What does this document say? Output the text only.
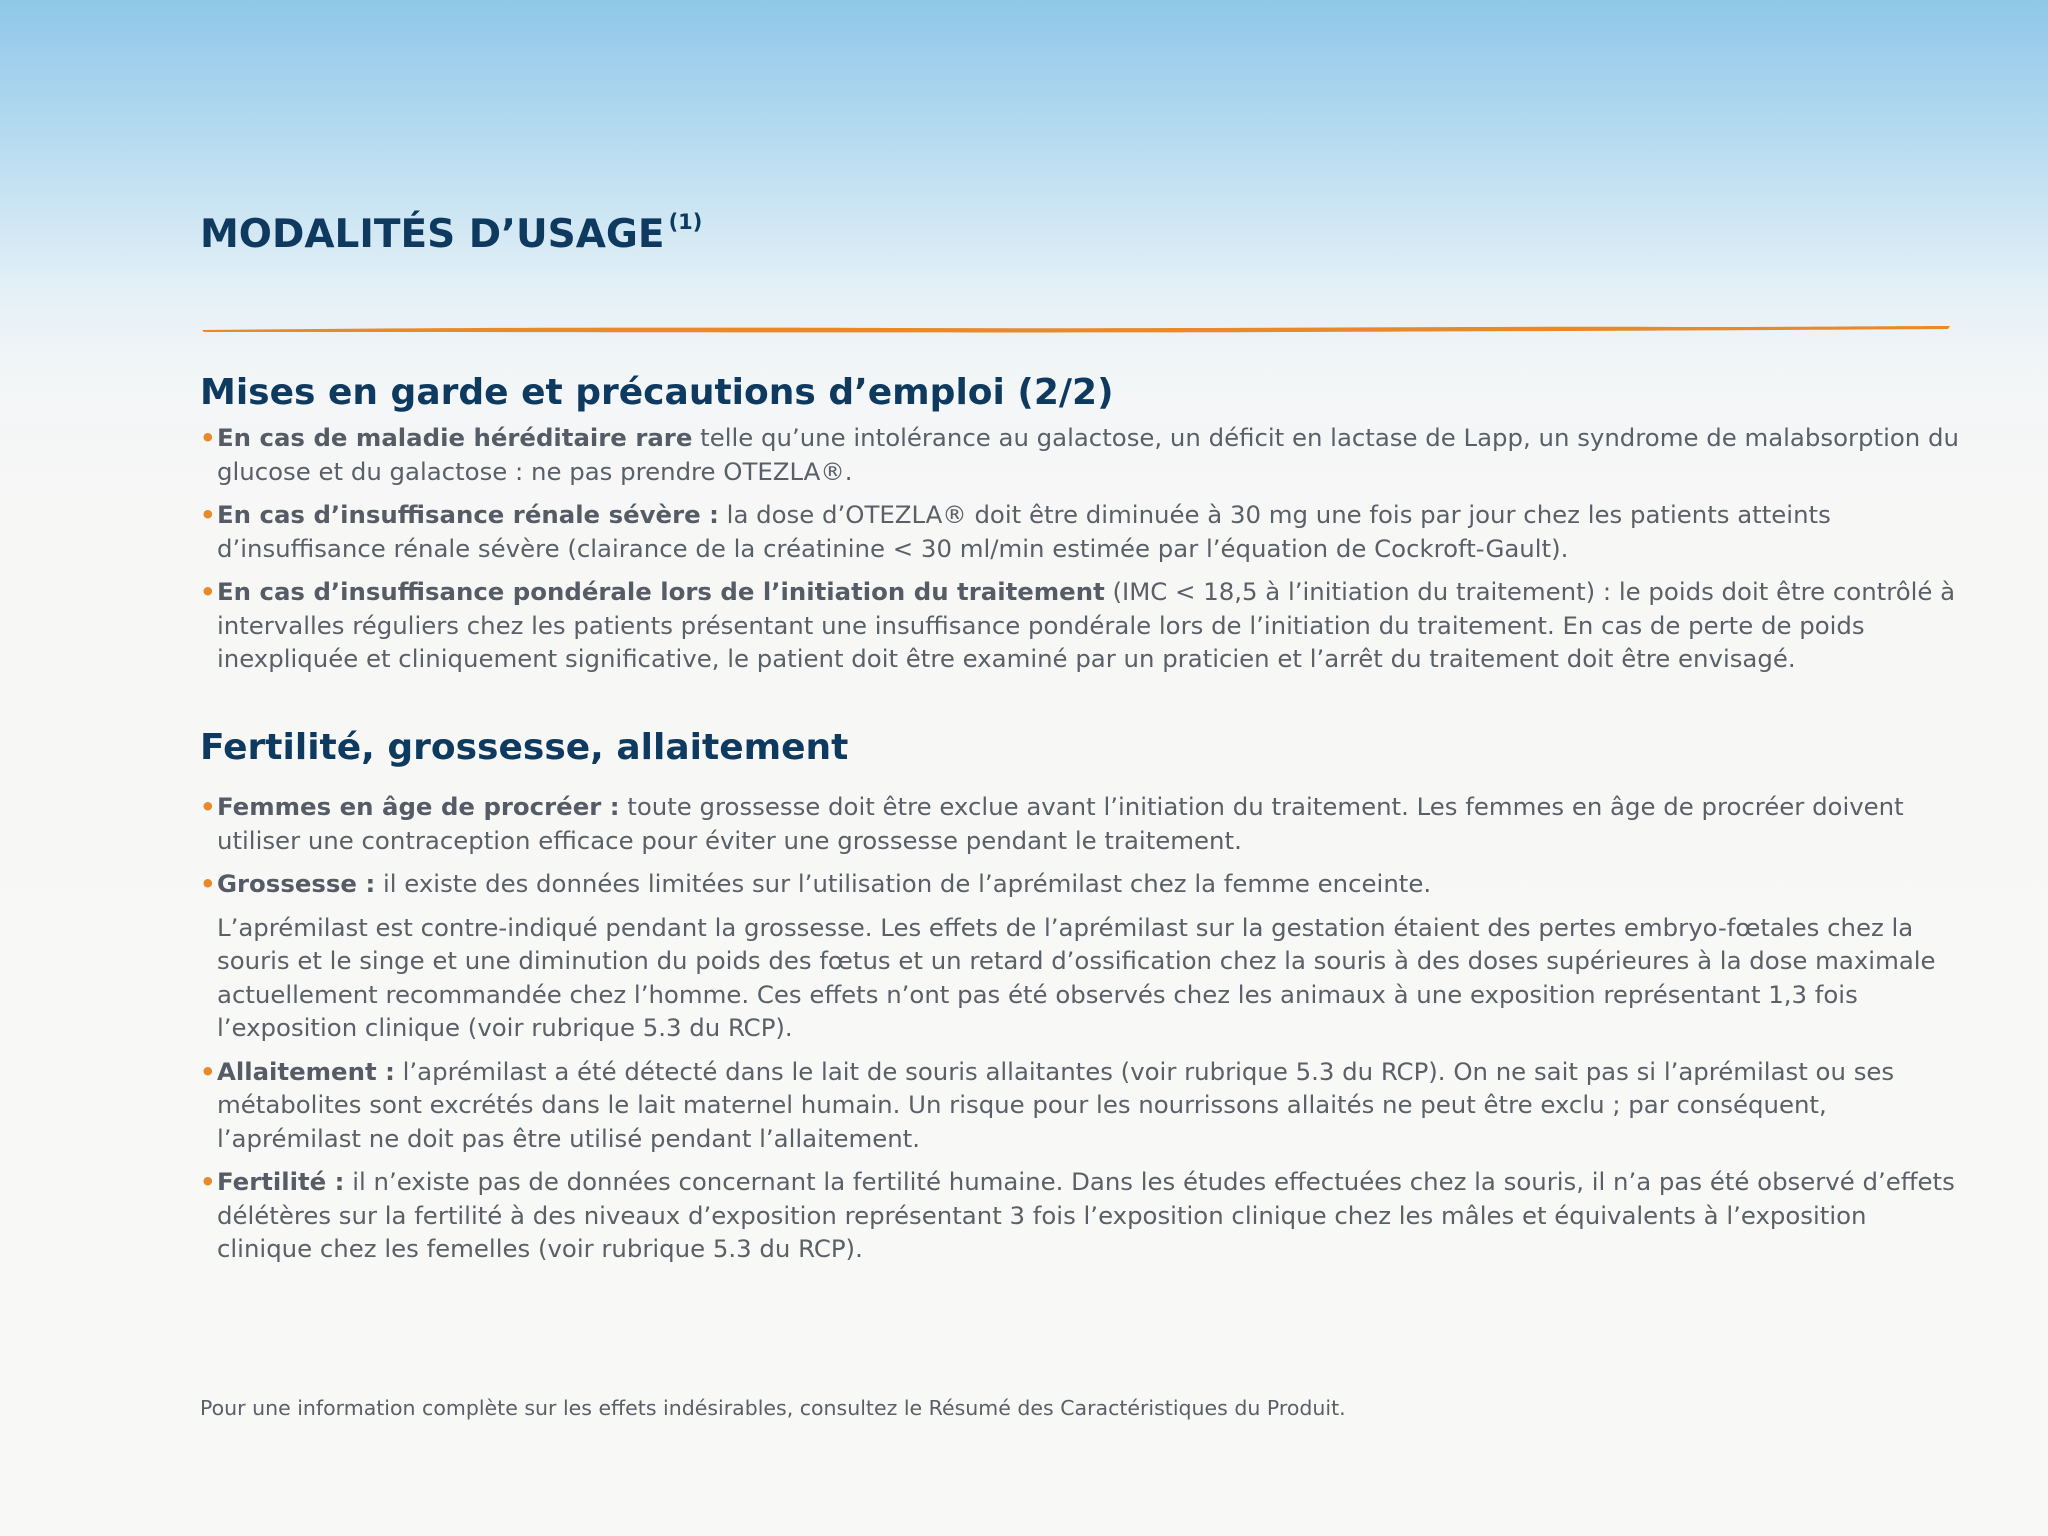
MODALITÉS D’USAGE $^{(1)}$
Mises en garde et précautions d’emploi (2/2)
• En cas de maladie héréditaire rare telle qu’une intolérance au galactose, un déficit en lactase de Lapp, un syndrome de malabsorption du glucose et du galactose : ne pas prendre OTEZLA®.
• En cas d’insuffisance rénale sévère : la dose d’OTEZLA® doit être diminuée à 30 mg une fois par jour chez les patients atteints d’insuffisance rénale sévère (clairance de la créatinine < 30 ml/min estimée par l’équation de Cockroft-Gault).
• En cas d’insuffisance pondérale lors de l’initiation du traitement (IMC < 18,5 à l’initiation du traitement) : le poids doit être contrôlé à intervalles réguliers chez les patients présentant une insuffisance pondérale lors de l’initiation du traitement. En cas de perte de poids inexpliquée et cliniquement significative, le patient doit être examiné par un praticien et l’arrêt du traitement doit être envisagé.
Fertilité, grossesse, allaitement
• Femmes en âge de procréer : toute grossesse doit être exclue avant l’initiation du traitement. Les femmes en âge de procréer doivent utiliser une contraception efficace pour éviter une grossesse pendant le traitement.
• Grossesse : il existe des données limitées sur l’utilisation de l’aprémilast chez la femme enceinte.
L’aprémilast est contre-indiqué pendant la grossesse. Les effets de l’aprémilast sur la gestation étaient des pertes embryo-fœtales chez la souris et le singe et une diminution du poids des fœtus et un retard d’ossification chez la souris à des doses supérieures à la dose maximale actuellement recommandée chez l’homme. Ces effets n’ont pas été observés chez les animaux à une exposition représentant 1,3 fois l’exposition clinique (voir rubrique 5.3 du RCP).
• Allaitement : l’aprémilast a été détecté dans le lait de souris allaitantes (voir rubrique 5.3 du RCP). On ne sait pas si l’aprémilast ou ses métabolites sont excrétés dans le lait maternel humain. Un risque pour les nourrissons allaités ne peut être exclu ; par conséquent, l’aprémilast ne doit pas être utilisé pendant l’allaitement.
• Fertilité : il n’existe pas de données concernant la fertilité humaine. Dans les études effectuées chez la souris, il n’a pas été observé d’effets délétères sur la fertilité à des niveaux d’exposition représentant 3 fois l’exposition clinique chez les mâles et équivalents à l’exposition clinique chez les femelles (voir rubrique 5.3 du RCP).
Pour une information complète sur les effets indésirables, consultez le Résumé des Caractéristiques du Produit.
